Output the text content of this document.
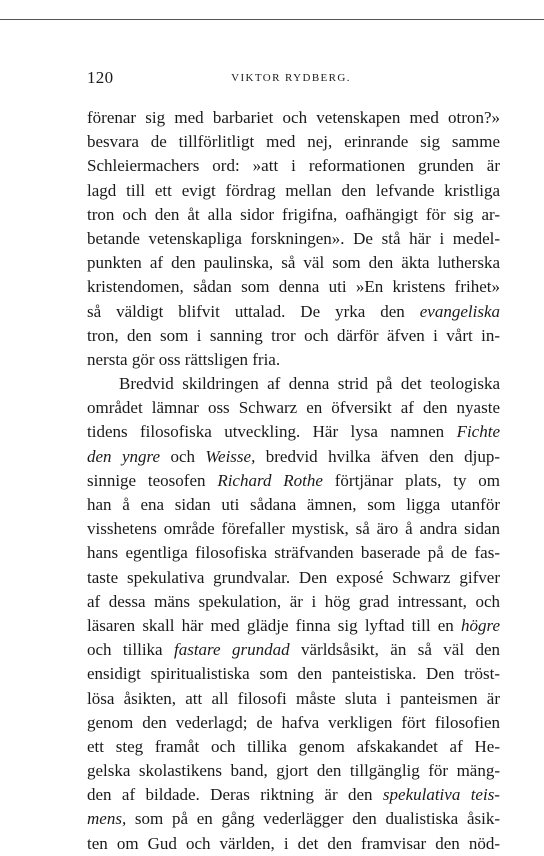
120	VIKTOR RYDBERG.
förenar sig med barbariet och vetenskapen med otron?»
besvara de tillförlitligt med nej, erinrande sig samme
Schleiermachers ord: »att i reformationen grunden är
lagd till ett evigt fördrag mellan den lefvande kristliga
tron och den åt alla sidor frigifna, oafhängigt för sig ar-
betande vetenskapliga forskningen». De stå här i medel-
punkten af den paulinska, så väl som den äkta lutherska
kristendomen, sådan som denna uti »En kristens frihet»
så väldigt blifvit uttalad. De yrka den evangeliska
tron, den som i sanning tror och därför äfven i vårt in-
nersta gör oss rättsligen fria.
Bredvid skildringen af denna strid på det teologiska
området lämnar oss Schwarz en öfversikt af den nyaste
tidens filosofiska utveckling. Här lysa namnen Fichte
den yngre och Weisse, bredvid hvilka äfven den djup-
sinnige teosofen Richard Rothe förtjänar plats, ty om
han å ena sidan uti sådana ämnen, som ligga utanför
visshetens område förefaller mystisk, så äro å andra sidan
hans egentliga filosofiska sträfvanden baserade på de fas-
taste spekulativa grundvalar. Den exposé Schwarz gifver
af dessa mäns spekulation, är i hög grad intressant, och
läsaren skall här med glädje finna sig lyftad till en högre
och tillika fastare grundad världsåsikt, än så väl den
ensidigt spiritualistiska som den panteistiska. Den tröst-
lösa åsikten, att all filosofi måste sluta i panteismen är
genom den vederlagd; de hafva verkligen fört filosofien
ett steg framåt och tillika genom afskakandet af He-
gelska skolastikens band, gjort den tillgänglig för mäng-
den af bildade. Deras riktning är den spekulativa teis-
mens, som på en gång vederlägger den dualistiska åsik-
ten om Gud och världen, i det den framvisar den nöd-
